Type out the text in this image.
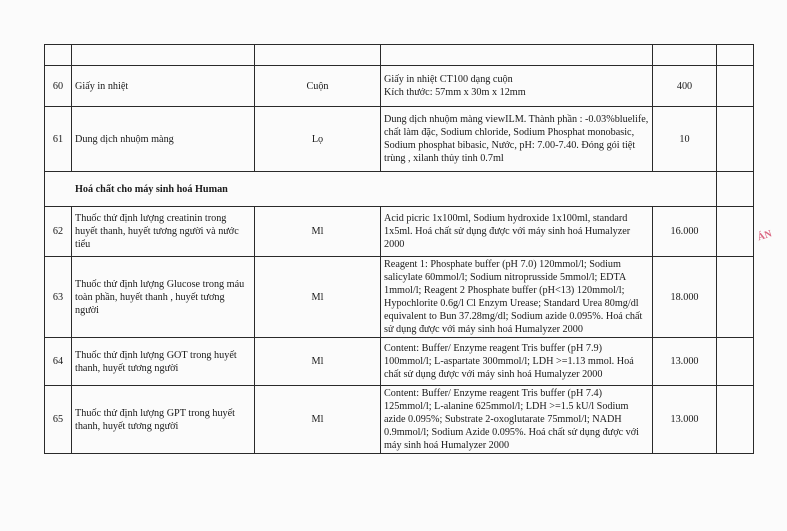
60	Giấy in nhiệt	Cuộn	Giấy in nhiệt CT100 dạng cuộn
Kích thước: 57mm x 30m x 12mm	400	
61	Dung dịch nhuộm màng	Lọ	Dung dịch nhuộm màng viewILM. Thành phần : -0.03%bluelife, chất làm đặc, Sodium chloride, Sodium Phosphat monobasic, Sodium phosphat bibasic, Nước, pH: 7.00-7.40. Đóng gói tiệt trùng , xilanh thủy tinh 0.7ml	10	
Hoá chất cho máy sinh hoá Human					
62	Thuốc thử định lượng creatinin trong huyết thanh, huyết tương người và nước tiểu	Ml	Acid picric 1x100ml, Sodium hydroxide 1x100ml, standard 1x5ml. Hoá chất sử dụng được với máy sinh hoá Humalyzer 2000	16.000	
63	Thuốc thử định lượng Glucose trong máu toàn phần, huyết thanh , huyết tương người	Ml	Reagent 1: Phosphate buffer (pH 7.0) 120mmol/l; Sodium salicylate 60mmol/l; Sodium nitroprusside 5mmol/l; EDTA 1mmol/l; Reagent 2 Phosphate buffer (pH<13) 120mmol/l; Hypochlorite 0.6g/l Cl Enzym Urease; Standard Urea 80mg/dl equivalent to Bun 37.28mg/dl; Sodium azide 0.095%. Hoá chất sử dụng được với máy sinh hoá Humalyzer 2000	18.000	
64	Thuốc thử định lượng GOT trong huyết thanh, huyết tương người	Ml	Content: Buffer/ Enzyme reagent Tris buffer (pH 7.9) 100mmol/l; L-aspartate 300mmol/l; LDH >=1.13 mmol. Hoá chất sử dụng được với máy sinh hoá Humalyzer 2000	13.000	
65	Thuốc thử định lượng GPT trong huyết thanh, huyết tương người	Ml	Content: Buffer/ Enzyme reagent Tris buffer (pH 7.4) 125mmol/l; L-alanine 625mmol/l; LDH >=1.5 kU/l Sodium azide 0.095%; Substrate 2-oxoglutarate 75mmol/l; NADH 0.9mmol/l; Sodium Azide 0.095%. Hoá chất sử dụng được với máy sinh hoá Humalyzer 2000	13.000	
ÁN
